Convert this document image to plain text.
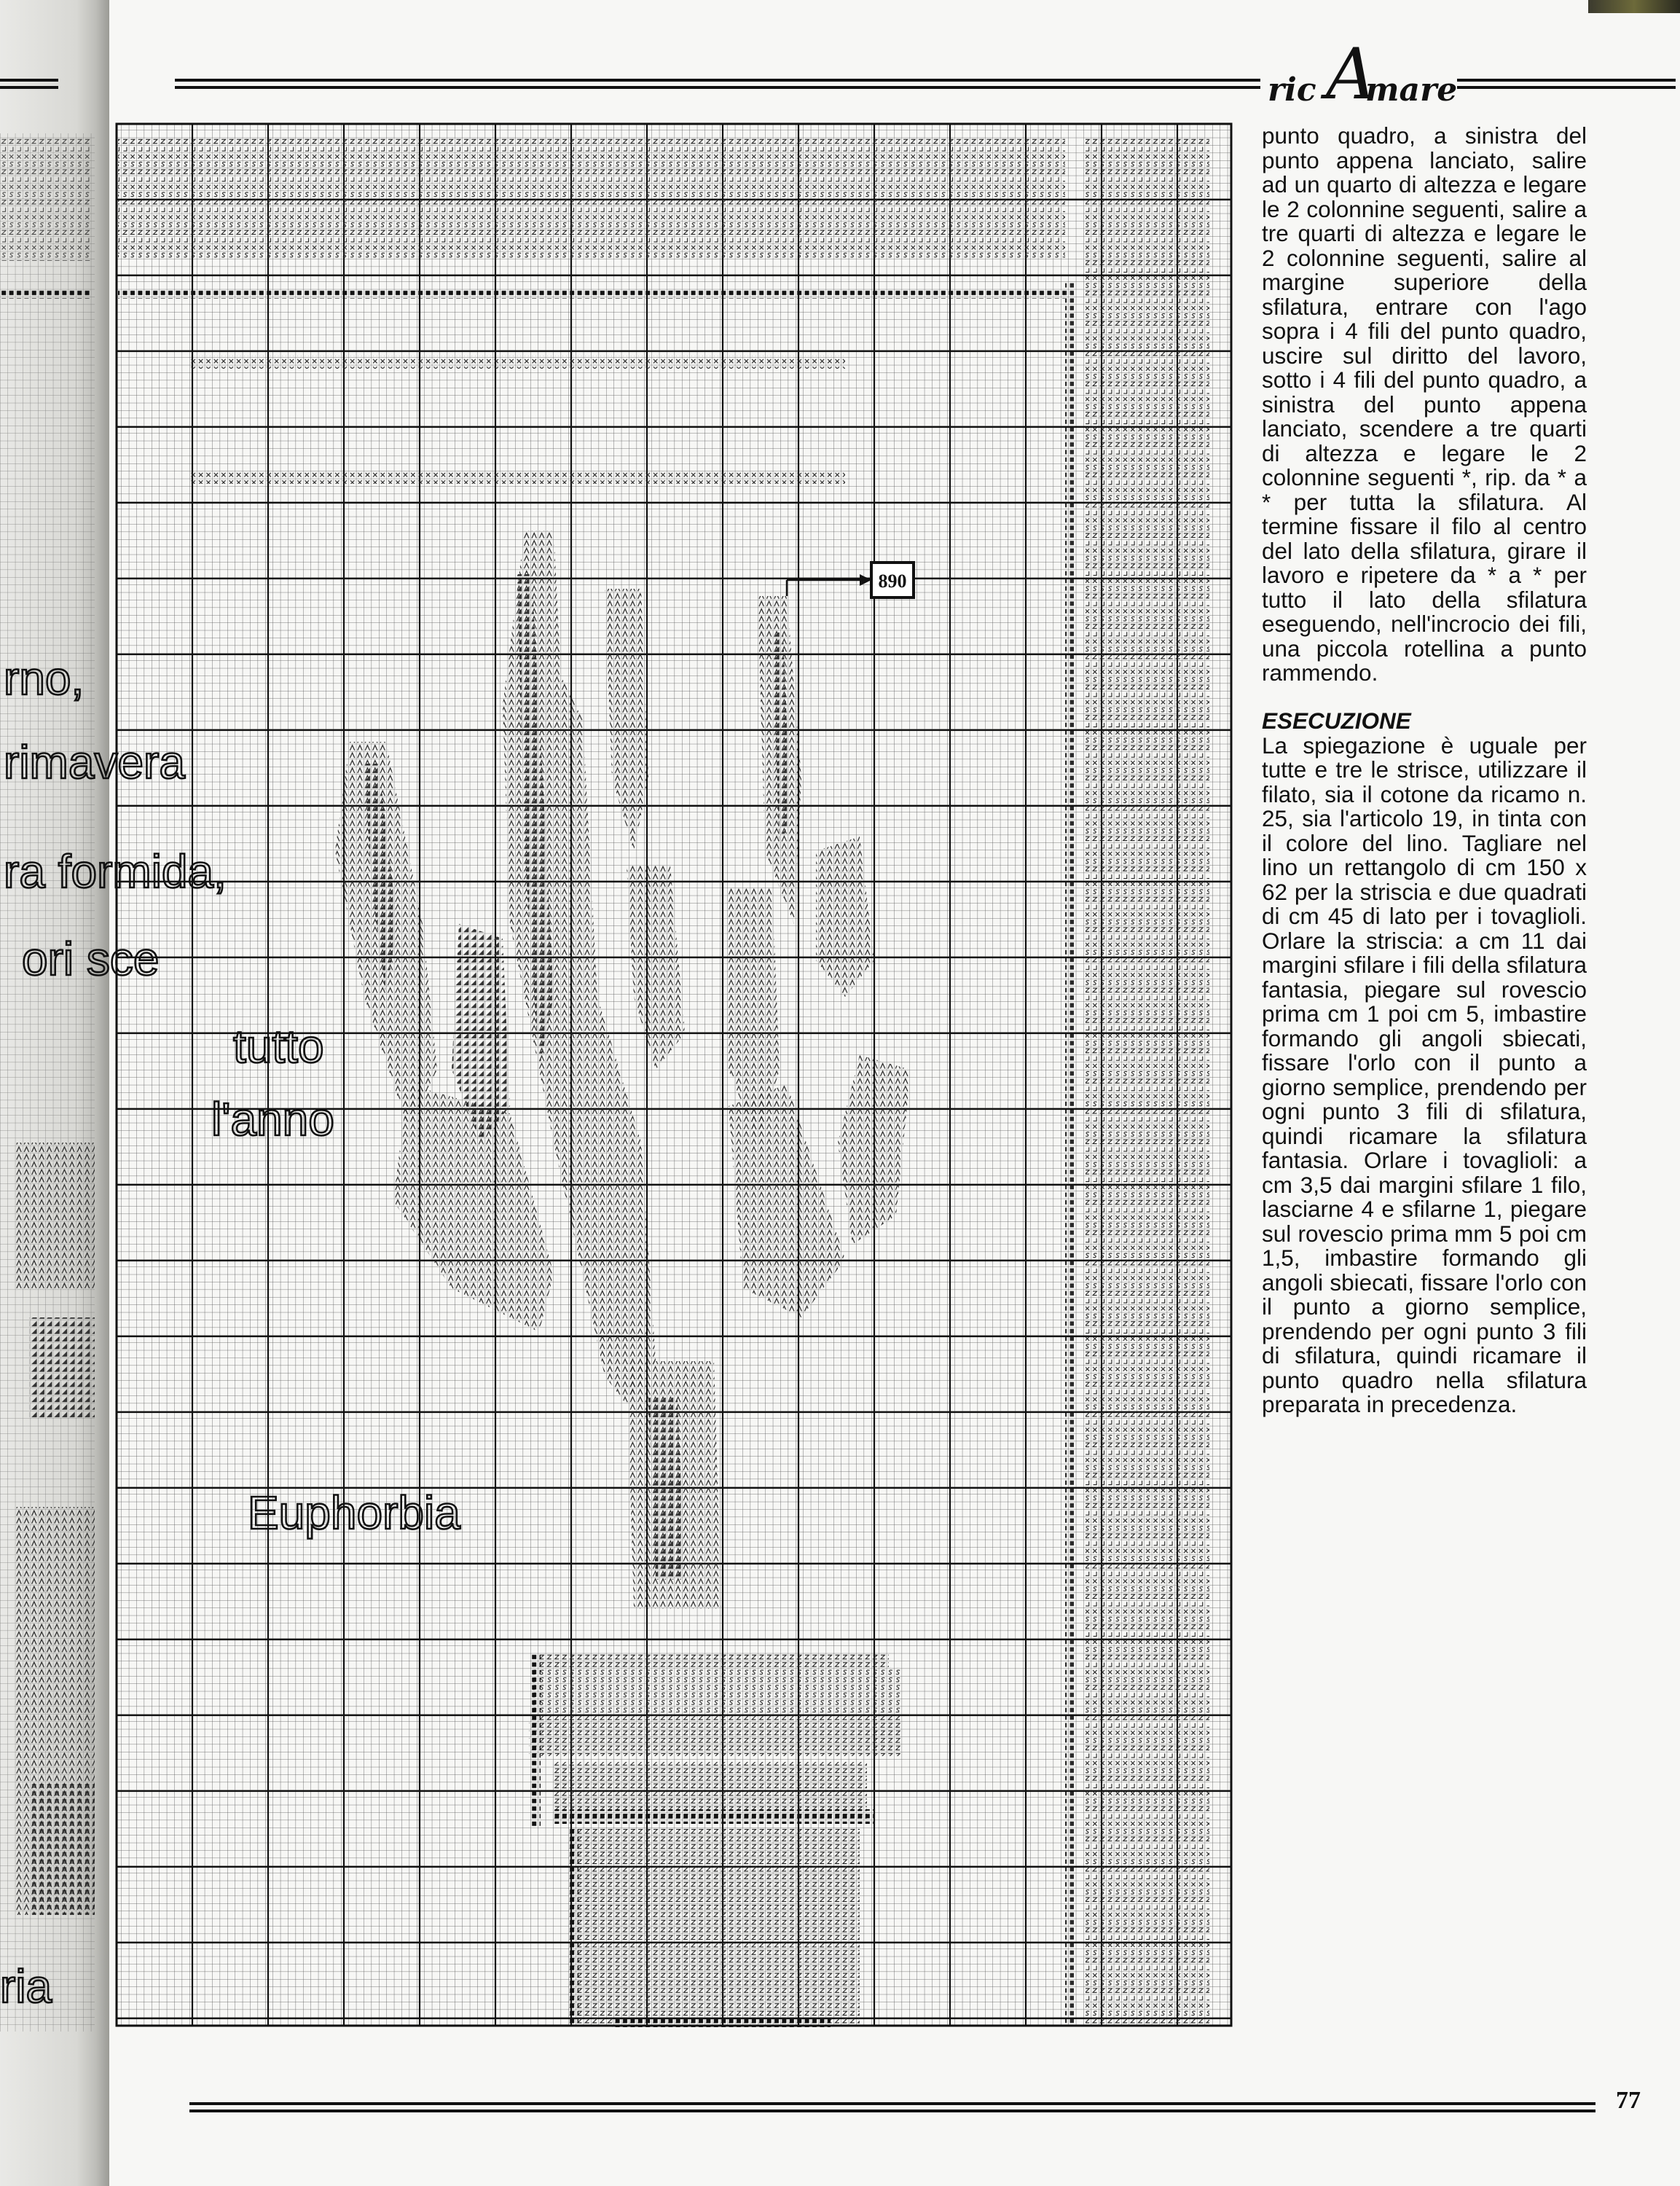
ric A
mare
rno,
rimavera
ra formida,
ori sce
tutto
l'anno
Euphorbia
ria
890

punto quadro, a sinistra del punto appena lanciato, salire ad un quarto di altezza e legare le 2 colonnine seguenti, salire a tre quarti di altezza e legare le 2 colonnine seguenti, salire al margine superiore della sfilatura, entrare con l'ago sopra i 4 fili del punto quadro, uscire sul diritto del lavoro, sotto i 4 fili del punto quadro, a sinistra del punto appena lanciato, scendere a tre quarti di altezza e legare le 2 colonnine seguenti *, rip. da * a * per tutta la sfilatura. Al termine fissare il filo al centro del lato della sfilatura, girare il lavoro e ripetere da * a * per tutto il lato della sfilatura eseguendo, nell'incrocio dei fili, una piccola rotellina a punto rammendo.

ESECUZIONE

La spiegazione è uguale per tutte e tre le strisce, utilizzare il filato, sia il cotone da ricamo n. 25, sia l'articolo 19, in tinta con il colore del lino. Tagliare nel lino un rettangolo di cm 150 x 62 per la striscia e due quadrati di cm 45 di lato per i tovaglioli. Orlare la striscia: a cm 11 dai margini sfilare i fili della sfilatura fantasia, piegare sul rovescio prima cm 1 poi cm 5, imbastire formando gli angoli sbiecati, fissare l'orlo con il punto a giorno semplice, prendendo per ogni punto 3 fili di sfilatura, quindi ricamare la sfilatura fantasia. Orlare i tovaglioli: a cm 3,5 dai margini sfilare 1 filo, lasciarne 4 e sfilarne 1, piegare sul rovescio prima mm 5 poi cm 1,5, imbastire formando gli angoli sbiecati, fissare l'orlo con il punto a giorno semplice, prendendo per ogni punto 3 fili di sfilatura, quindi ricamare il punto quadro nella sfilatura preparata in precedenza.

77
